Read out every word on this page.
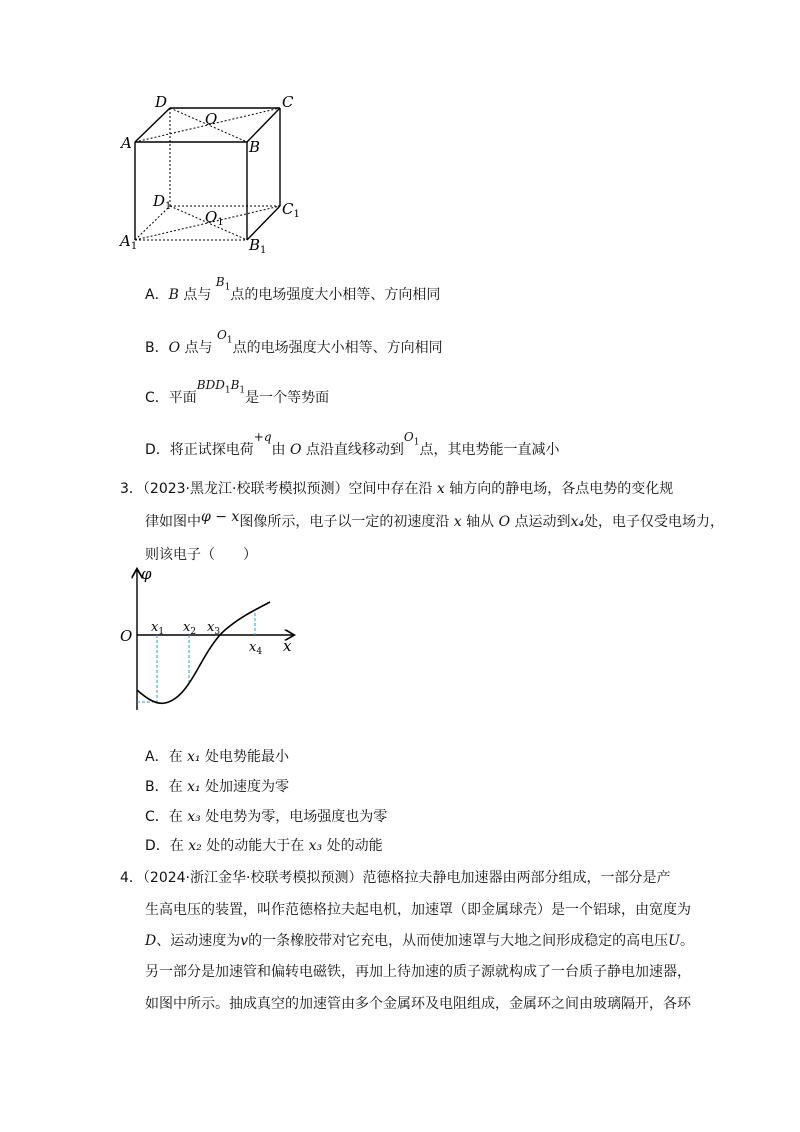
D	C
O
A	B
$D_1$
$O_1$
$C_1$
$A_1$	$B_1$
A．B 点与 $B_1$点的电场强度大小相等、方向相同
B．O 点与 $O_1$点的电场强度大小相等、方向相同
C．平面$BDD_1B_1$是一个等势面
D．将正试探电荷+q由 O 点沿直线移动到$O_1$点，其电势能一直减小
3．（2023·黑龙江·校联考模拟预测）空间中存在沿 x 轴方向的静电场，各点电势的变化规
律如图中φ − x图像所示，电子以一定的初速度沿 x 轴从 O 点运动到x₄处，电子仅受电场力，
则该电子（　　）
φ
O
x
$x_1$ $x_2$ $x_3$
$x_4$
A．在 x₁ 处电势能最小
B．在 x₁ 处加速度为零
C．在 x₃ 处电势为零，电场强度也为零
D．在 x₂ 处的动能大于在 x₃ 处的动能
4．（2024·浙江金华·校联考模拟预测）范德格拉夫静电加速器由两部分组成，一部分是产
生高电压的装置，叫作范德格拉夫起电机，加速罩（即金属球壳）是一个铝球，由宽度为
D、运动速度为v的一条橡胶带对它充电，从而使加速罩与大地之间形成稳定的高电压U。
另一部分是加速管和偏转电磁铁，再加上待加速的质子源就构成了一台质子静电加速器，
如图中所示。抽成真空的加速管由多个金属环及电阻组成，金属环之间由玻璃隔开，各环
